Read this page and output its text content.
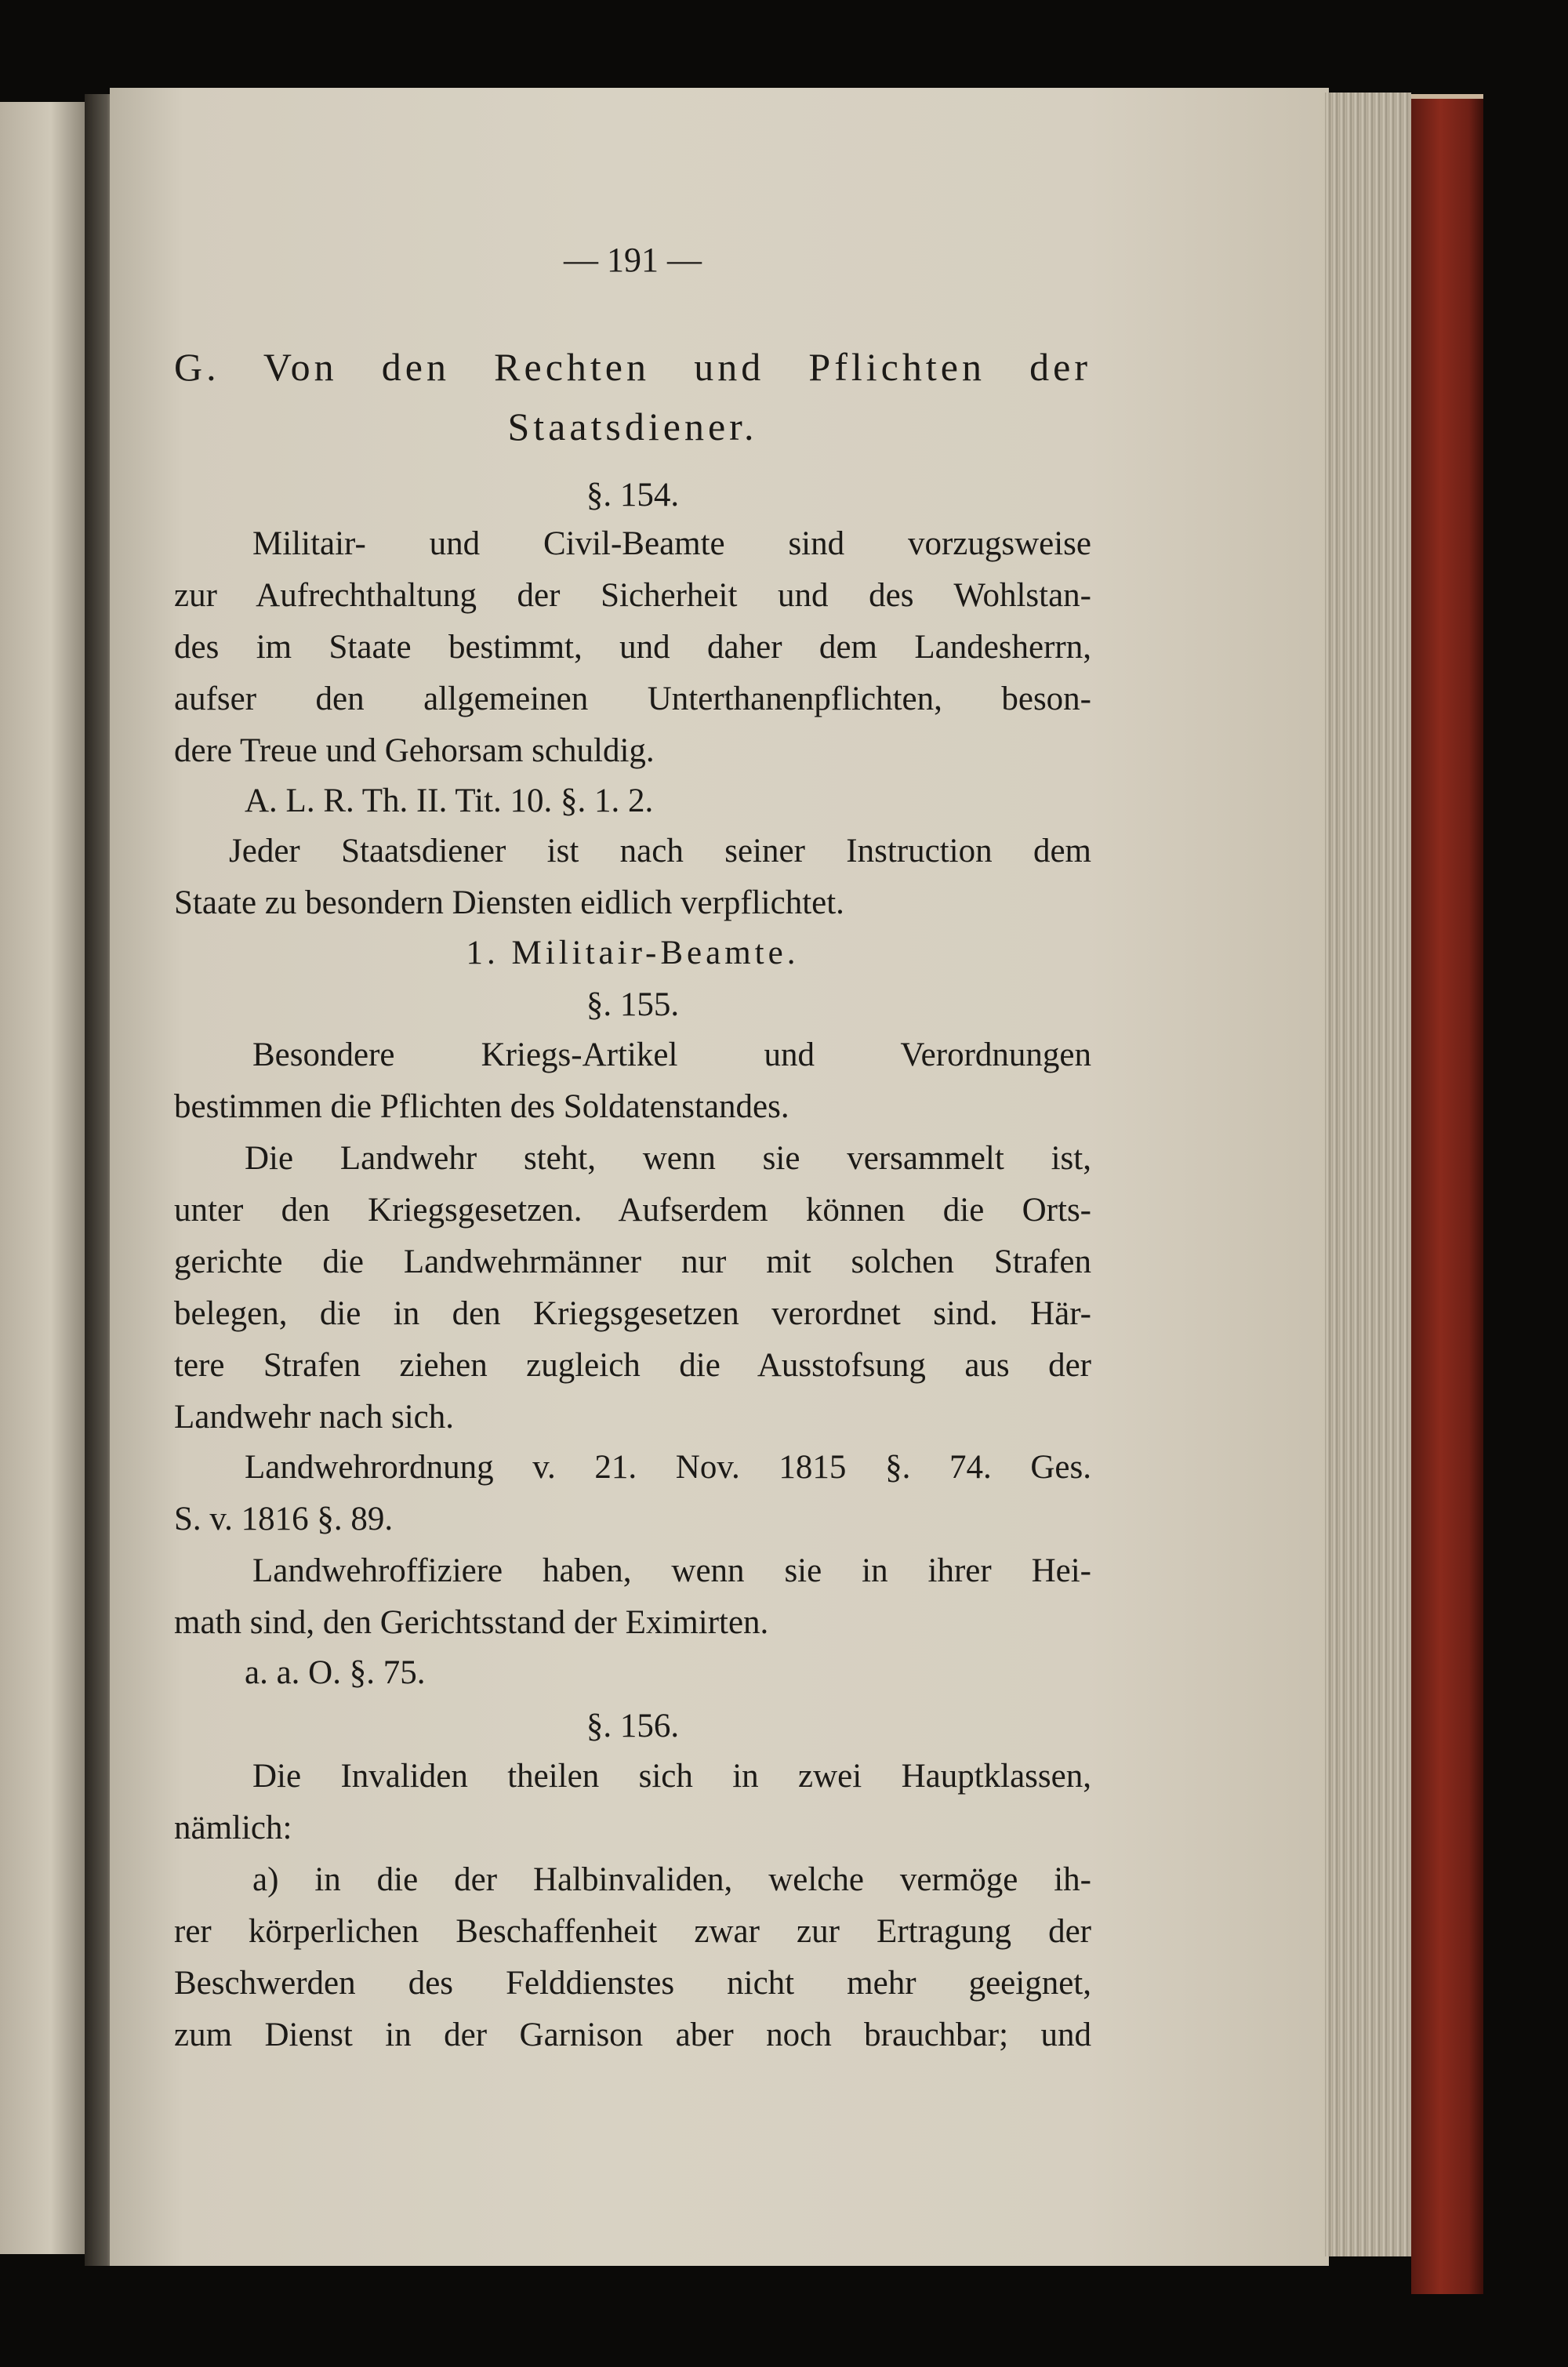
— 191 —
G. Von den Rechten und Pflichten der
Staatsdiener.
§. 154.
Militair- und Civil-Beamte sind vorzugsweise
zur Aufrechthaltung der Sicherheit und des Wohlstan-
des im Staate bestimmt, und daher dem Landesherrn,
aufser den allgemeinen Unterthanenpflichten, beson-
dere Treue und Gehorsam schuldig.
A. L. R. Th. II. Tit. 10. §. 1. 2.
Jeder Staatsdiener ist nach seiner Instruction dem
Staate zu besondern Diensten eidlich verpflichtet.
1. Militair-Beamte.
§. 155.
Besondere Kriegs-Artikel und Verordnungen
bestimmen die Pflichten des Soldatenstandes.
Die Landwehr steht, wenn sie versammelt ist,
unter den Kriegsgesetzen. Aufserdem können die Orts-
gerichte die Landwehrmänner nur mit solchen Strafen
belegen, die in den Kriegsgesetzen verordnet sind. Här-
tere Strafen ziehen zugleich die Ausstofsung aus der
Landwehr nach sich.
Landwehrordnung v. 21. Nov. 1815 §. 74. Ges.
S. v. 1816 §. 89.
Landwehroffiziere haben, wenn sie in ihrer Hei-
math sind, den Gerichtsstand der Eximirten.
a. a. O. §. 75.
§. 156.
Die Invaliden theilen sich in zwei Hauptklassen,
nämlich:
a) in die der Halbinvaliden, welche vermöge ih-
rer körperlichen Beschaffenheit zwar zur Ertragung der
Beschwerden des Felddienstes nicht mehr geeignet,
zum Dienst in der Garnison aber noch brauchbar; und
